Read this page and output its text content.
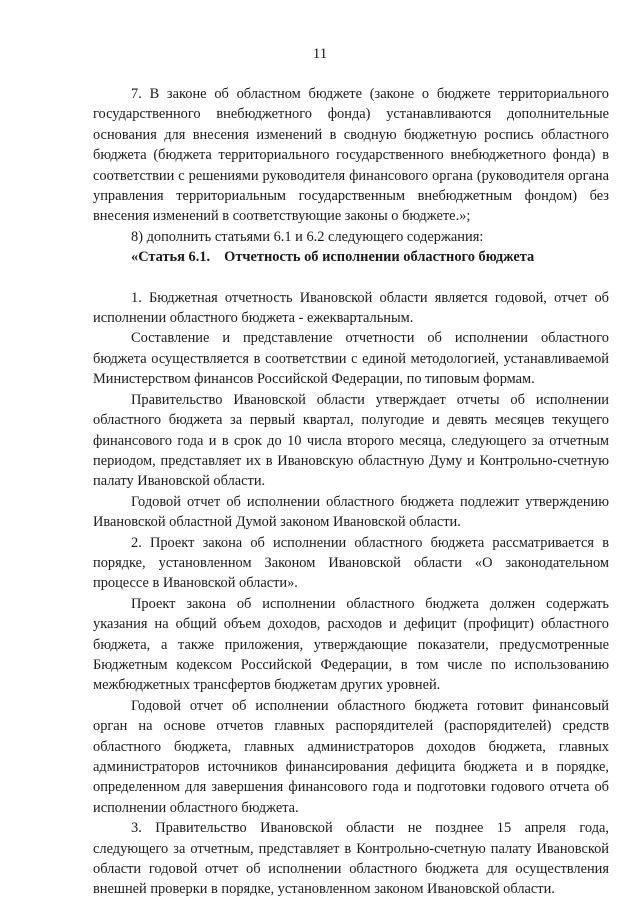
11

7. В законе об областном бюджете (законе о бюджете территориального государственного внебюджетного фонда) устанавливаются дополнительные основания для внесения изменений в сводную бюджетную роспись областного бюджета (бюджета территориального государственного внебюджетного фонда) в соответствии с решениями руководителя финансового органа (руководителя органа управления территориальным государственным внебюджетным фондом) без внесения изменений в соответствующие законы о бюджете.»;

8) дополнить статьями 6.1 и 6.2 следующего содержания:

«Статья 6.1. Отчетность об исполнении областного бюджета

1. Бюджетная отчетность Ивановской области является годовой, отчет об исполнении областного бюджета - ежеквартальным.

Составление и представление отчетности об исполнении областного бюджета осуществляется в соответствии с единой методологией, устанавливаемой Министерством финансов Российской Федерации, по типовым формам.

Правительство Ивановской области утверждает отчеты об исполнении областного бюджета за первый квартал, полугодие и девять месяцев текущего финансового года и в срок до 10 числа второго месяца, следующего за отчетным периодом, представляет их в Ивановскую областную Думу и Контрольно-счетную палату Ивановской области.

Годовой отчет об исполнении областного бюджета подлежит утверждению Ивановской областной Думой законом Ивановской области.

2. Проект закона об исполнении областного бюджета рассматривается в порядке, установленном Законом Ивановской области «О законодательном процессе в Ивановской области».

Проект закона об исполнении областного бюджета должен содержать указания на общий объем доходов, расходов и дефицит (профицит) областного бюджета, а также приложения, утверждающие показатели, предусмотренные Бюджетным кодексом Российской Федерации, в том числе по использованию межбюджетных трансфертов бюджетам других уровней.

Годовой отчет об исполнении областного бюджета готовит финансовый орган на основе отчетов главных распорядителей (распорядителей) средств областного бюджета, главных администраторов доходов бюджета, главных администраторов источников финансирования дефицита бюджета и в порядке, определенном для завершения финансового года и подготовки годового отчета об исполнении областного бюджета.

3. Правительство Ивановской области не позднее 15 апреля года, следующего за отчетным, представляет в Контрольно-счетную палату Ивановской области годовой отчет об исполнении областного бюджета для осуществления внешней проверки в порядке, установленном законом Ивановской области.
